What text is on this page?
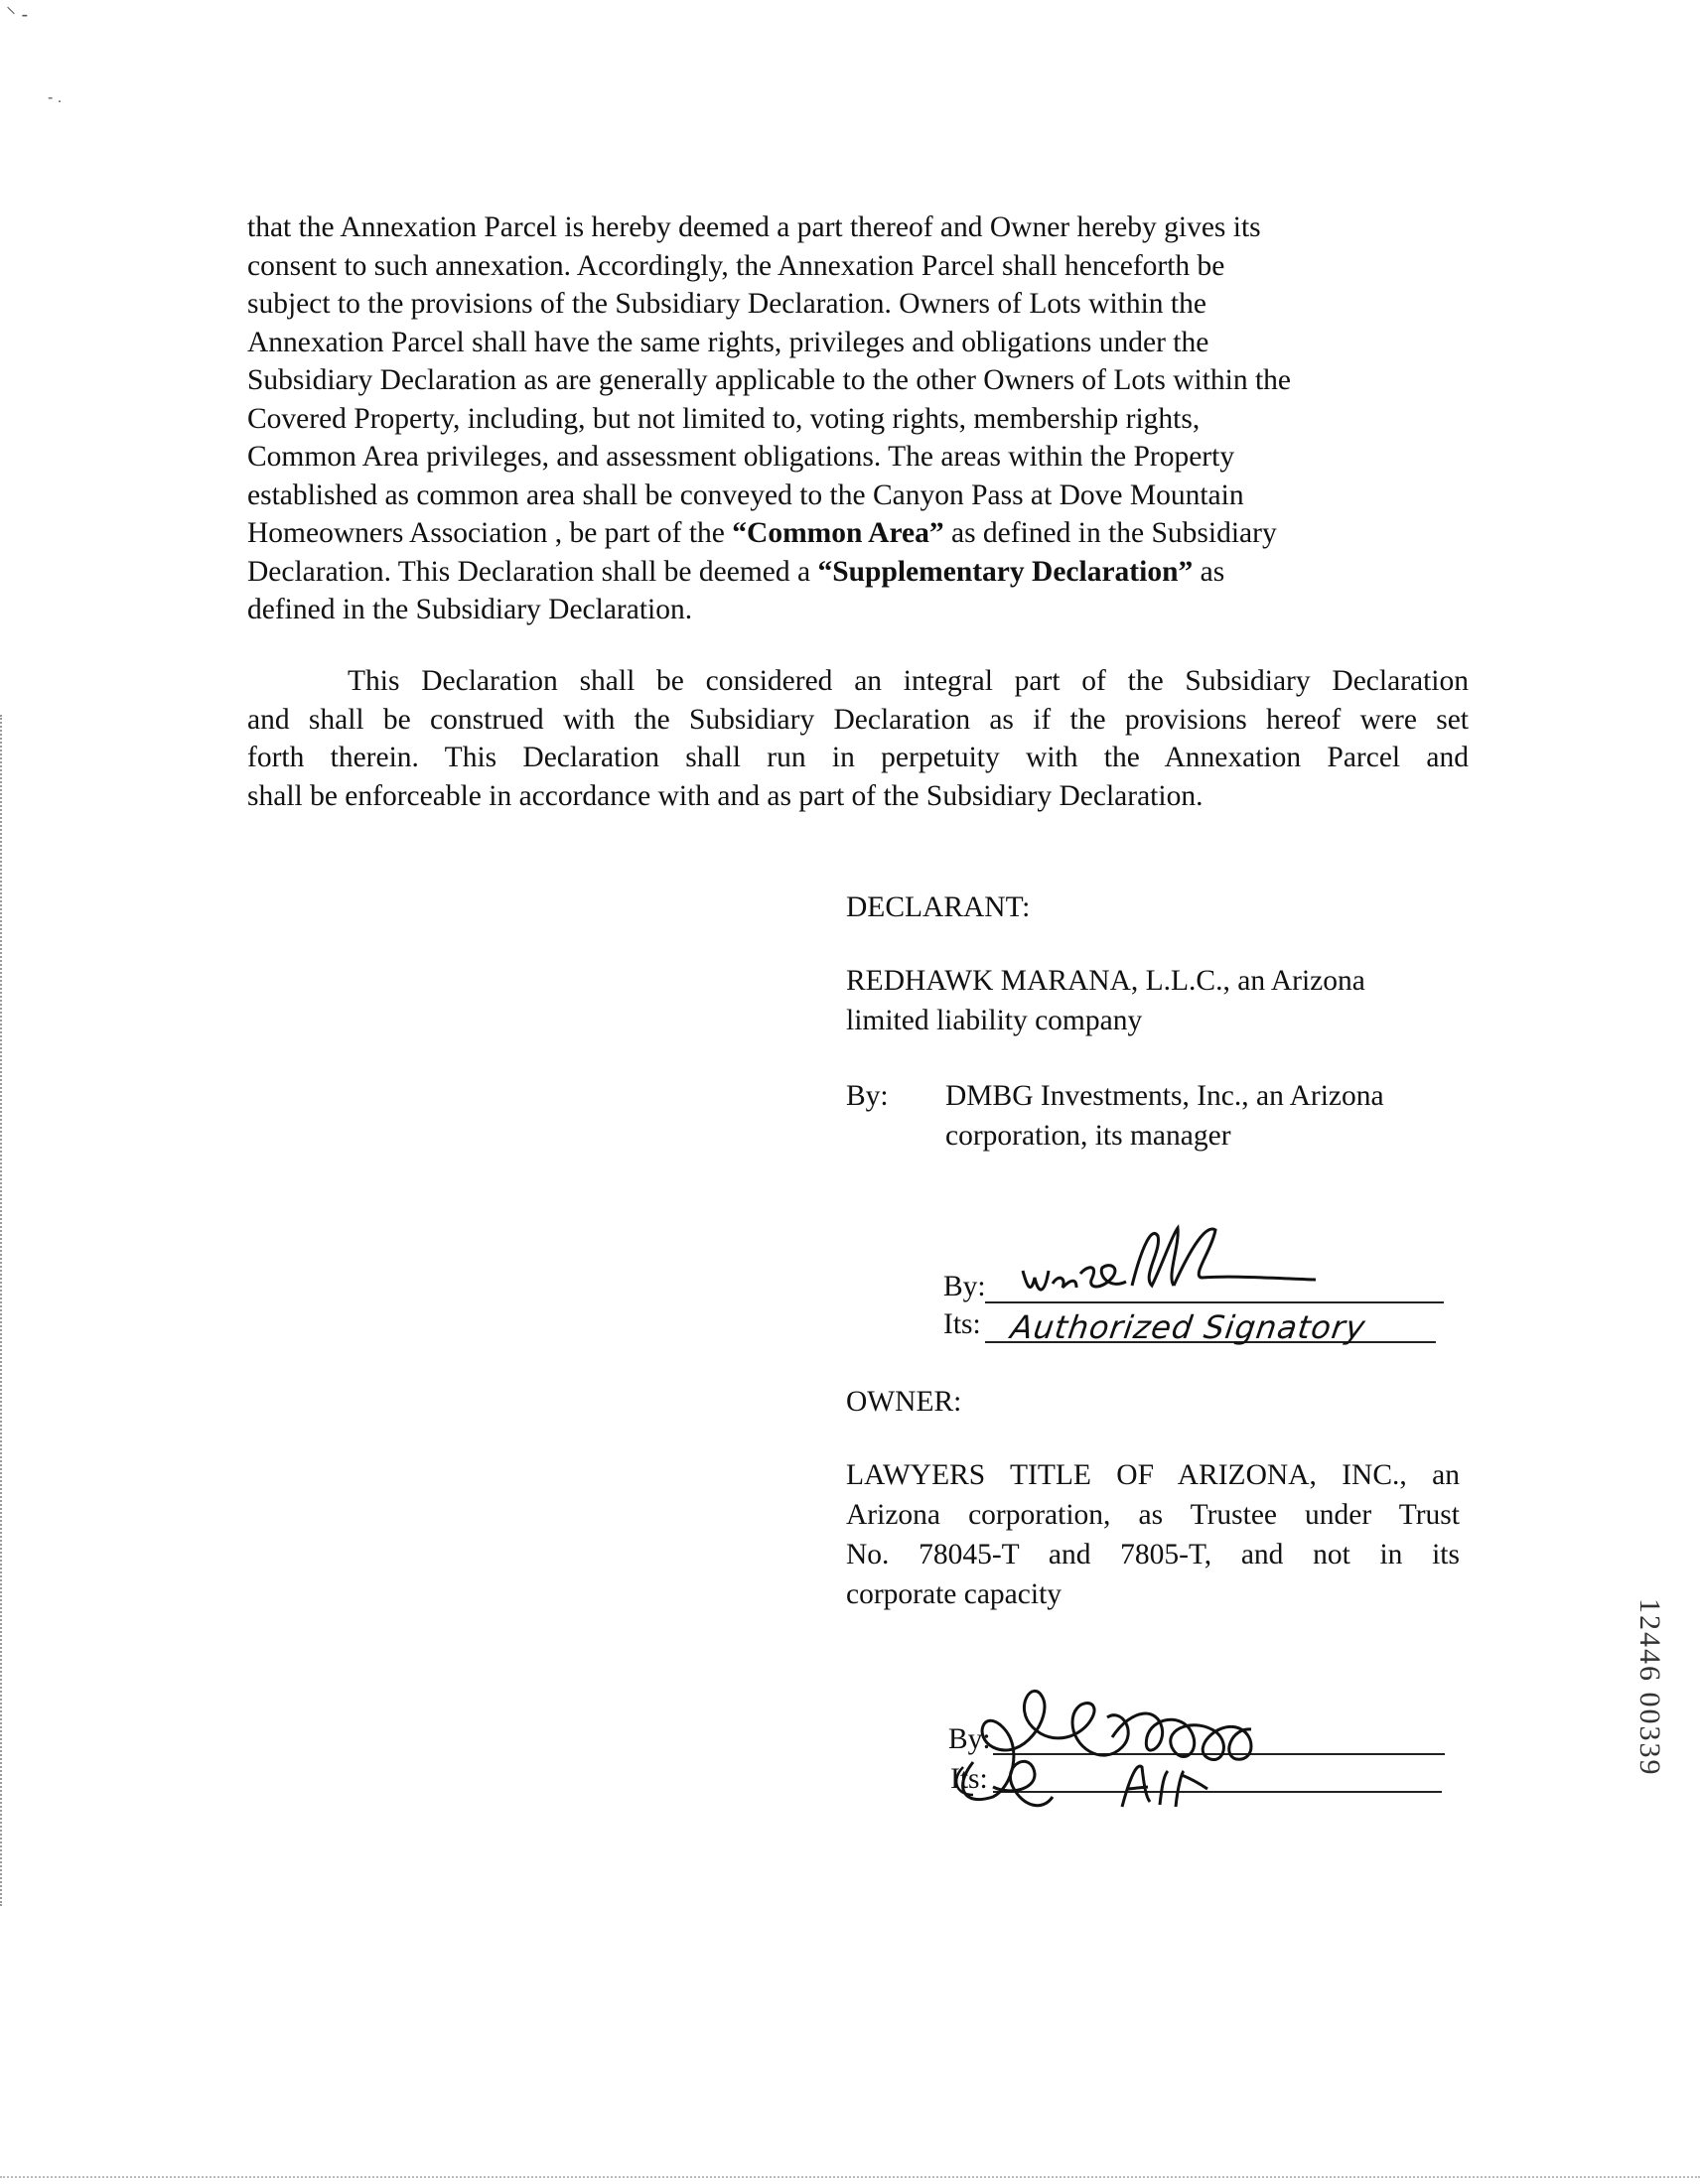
⸌ -
- .
that the Annexation Parcel is hereby deemed a part thereof and Owner hereby gives its
consent to such annexation. Accordingly, the Annexation Parcel shall henceforth be
subject to the provisions of the Subsidiary Declaration. Owners of Lots within the
Annexation Parcel shall have the same rights, privileges and obligations under the
Subsidiary Declaration as are generally applicable to the other Owners of Lots within the
Covered Property, including, but not limited to, voting rights, membership rights,
Common Area privileges, and assessment obligations. The areas within the Property
established as common area shall be conveyed to the Canyon Pass at Dove Mountain
Homeowners Association , be part of the “Common Area” as defined in the Subsidiary
Declaration. This Declaration shall be deemed a “Supplementary Declaration” as
defined in the Subsidiary Declaration.
This Declaration shall be considered an integral part of the Subsidiary Declaration
and shall be construed with the Subsidiary Declaration as if the provisions hereof were set
forth therein. This Declaration shall run in perpetuity with the Annexation Parcel and
shall be enforceable in accordance with and as part of the Subsidiary Declaration.
DECLARANT:
REDHAWK MARANA, L.L.C., an Arizona
limited liability company
By: DMBG Investments, Inc., an Arizona
corporation, its manager
By:
Its: Authorized Signatory
OWNER:
LAWYERS TITLE OF ARIZONA, INC., an
Arizona corporation, as Trustee under Trust
No. 78045-T and 7805-T, and not in its
corporate capacity
By:
Its:
12446 00339
